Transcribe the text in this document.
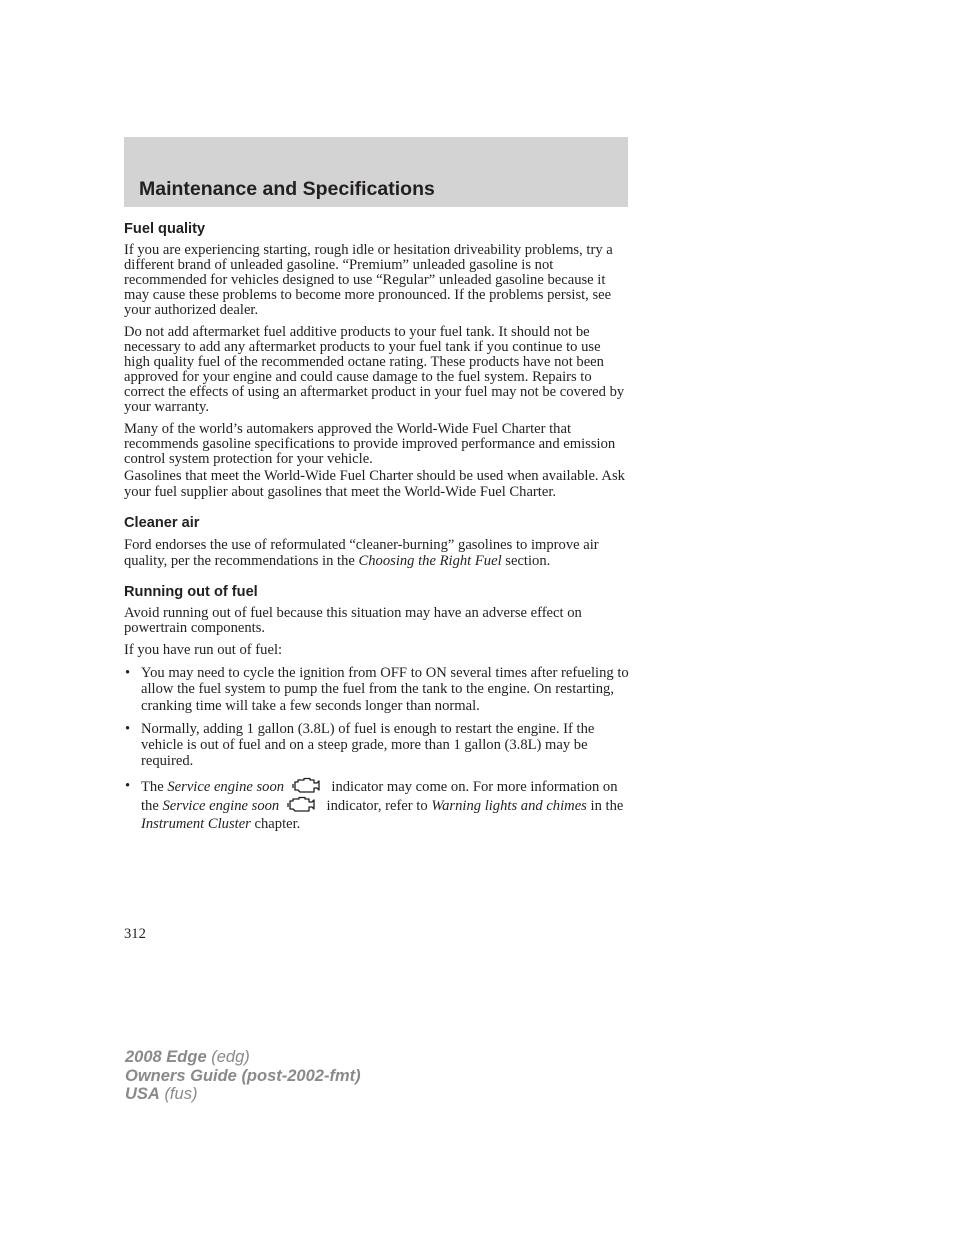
Maintenance and Specifications
Fuel quality

If you are experiencing starting, rough idle or hesitation driveability problems, try a different brand of unleaded gasoline. “Premium” unleaded gasoline is not recommended for vehicles designed to use “Regular” unleaded gasoline because it may cause these problems to become more pronounced. If the problems persist, see your authorized dealer.

Do not add aftermarket fuel additive products to your fuel tank. It should not be necessary to add any aftermarket products to your fuel tank if you continue to use high quality fuel of the recommended octane rating. These products have not been approved for your engine and could cause damage to the fuel system. Repairs to correct the effects of using an aftermarket product in your fuel may not be covered by your warranty.

Many of the world’s automakers approved the World-Wide Fuel Charter that recommends gasoline specifications to provide improved performance and emission control system protection for your vehicle.

Gasolines that meet the World-Wide Fuel Charter should be used when available. Ask your fuel supplier about gasolines that meet the World-Wide Fuel Charter.

Cleaner air

Ford endorses the use of reformulated “cleaner-burning” gasolines to improve air quality, per the recommendations in the Choosing the Right Fuel section.

Running out of fuel

Avoid running out of fuel because this situation may have an adverse effect on powertrain components.

If you have run out of fuel:

• You may need to cycle the ignition from OFF to ON several times after refueling to allow the fuel system to pump the fuel from the tank to the engine. On restarting, cranking time will take a few seconds longer than normal.
• Normally, adding 1 gallon (3.8L) of fuel is enough to restart the engine. If the vehicle is out of fuel and on a steep grade, more than 1 gallon (3.8L) may be required.
• The Service engine soon	indicator may come on. For more information on the Service engine soon	indicator, refer to Warning lights and chimes in the Instrument Cluster chapter.
312
2008 Edge (edg)
Owners Guide (post-2002-fmt)
USA (fus)
